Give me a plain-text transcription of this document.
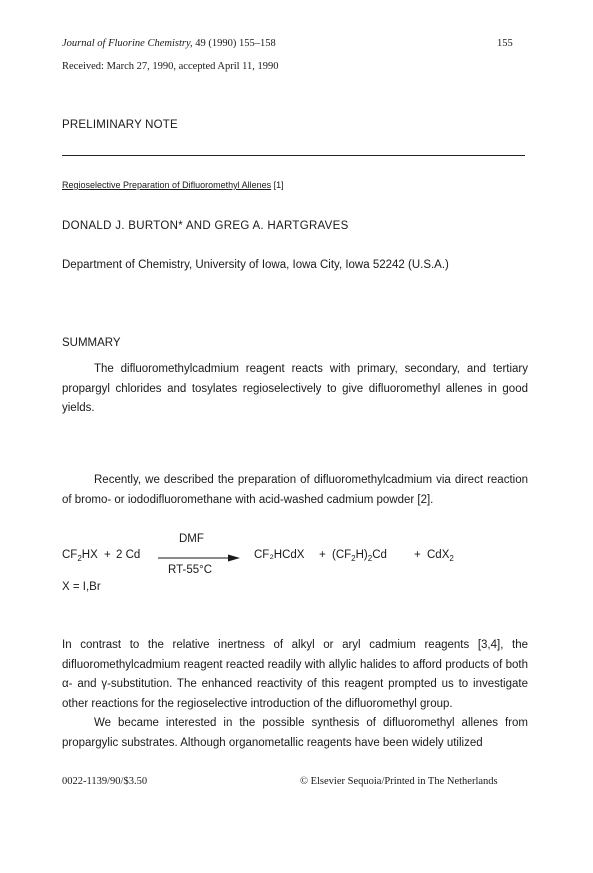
Journal of Fluorine Chemistry, 49 (1990) 155–158	155
Received: March 27, 1990, accepted April 11, 1990
PRELIMINARY NOTE
Regioselective Preparation of Difluoromethyl Allenes [1]
DONALD J. BURTON* AND GREG A. HARTGRAVES
Department of Chemistry, University of Iowa, Iowa City, Iowa 52242 (U.S.A.)
SUMMARY

The difluoromethylcadmium reagent reacts with primary, secondary, and tertiary propargyl chlorides and tosylates regioselectively to give difluoromethyl allenes in good yields.

Recently, we described the preparation of difluoromethylcadmium via direct reaction of bromo- or iododifluoromethane with acid-washed cadmium powder [2].

$CF_2HX + 2$ Cd
DMF
RT-55°C
CF₂HCdX + $(CF_2H)_2Cd + CdX_2$
X = I,Br

In contrast to the relative inertness of alkyl or aryl cadmium reagents [3,4], the difluoromethylcadmium reagent reacted readily with allylic halides to afford products of both α- and γ-substitution. The enhanced reactivity of this reagent prompted us to investigate other reactions for the regioselective introduction of the difluoromethyl group.

We became interested in the possible synthesis of difluoromethyl allenes from propargylic substrates. Although organometallic reagents have been widely utilized

0022-1139/90/$3.50	© Elsevier Sequoia/Printed in The Netherlands
